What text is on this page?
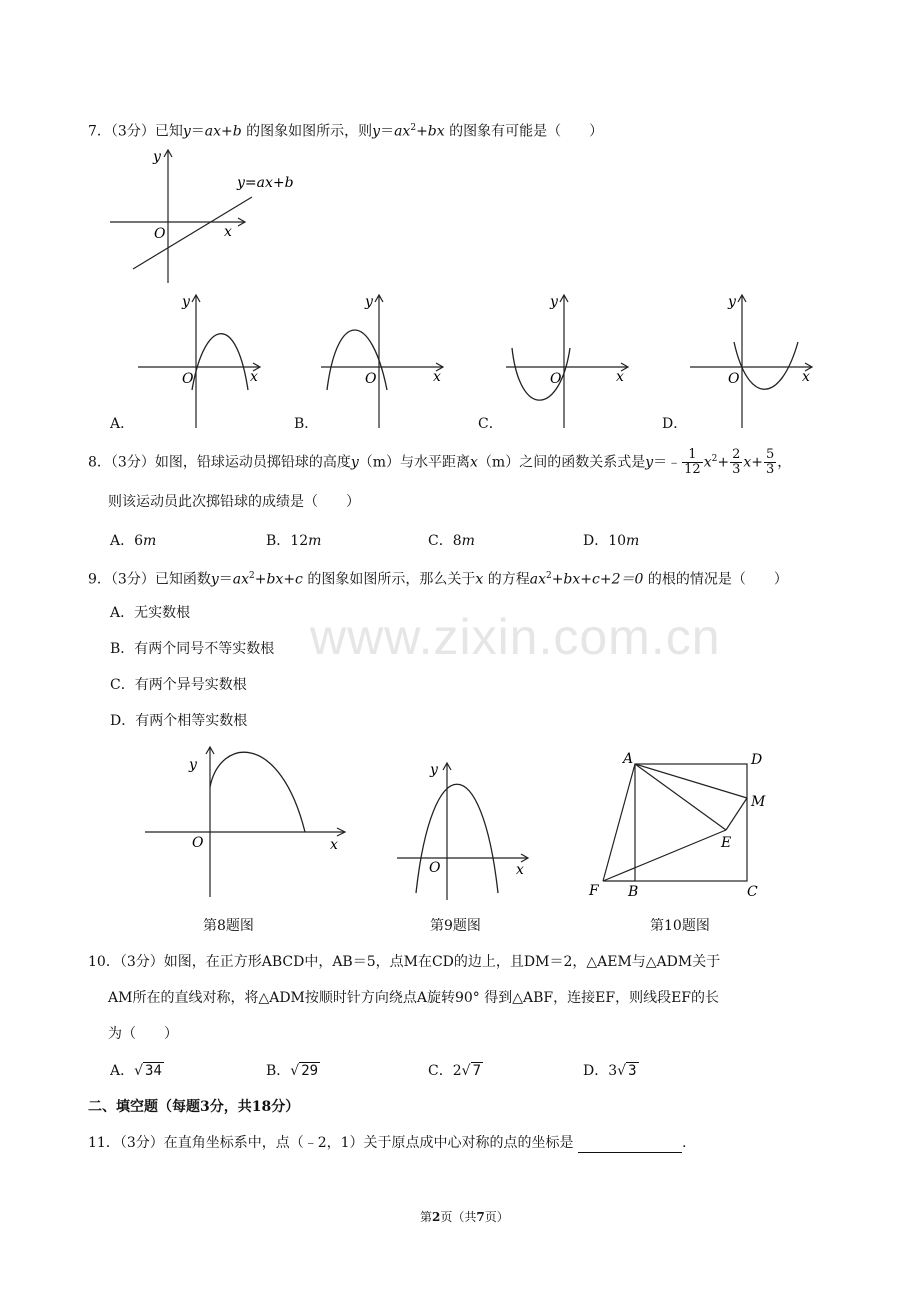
www.zixin.com.cn
7．（3分）已知y＝ax+b 的图象如图所示，则$y=ax^2+bx$ 的图象有可能是（　　）
y
x
O
y=ax+b
y
x
O
y
x
O
y
x
O
y
x
O
A．	B．	C．	D．
8．（3分）如图，铅球运动员掷铅球的高度y（m）与水平距离x（m）之间的函数关系式是y＝﹣ $\frac{1}{12} x^2+ \frac{2}{3} x+ \frac{5}{3}$ ，
则该运动员此次掷铅球的成绩是（　　）
A．6m	B．12m	C．8m	D．10m
9．（3分）已知函数$y=ax^2+bx+c$ 的图象如图所示，那么关于x 的方程$ax^2+bx+c+2=0$ 的根的情况是（　　）
A．无实数根
B．有两个同号不等实数根
C．有两个异号实数根
D．有两个相等实数根
y
x
O
y
x
O
A	D
M
E
F B	C
第8题图	第9题图	第10题图
10．（3分）如图，在正方形ABCD中，AB＝5，点M在CD的边上，且DM＝2，△AEM与△ADM关于
AM所在的直线对称，将△ADM按顺时针方向绕点A旋转90° 得到△ABF，连接EF，则线段EF的长
为（　　）
A．√ 34	B．√ 29	C．2√ 7	D．3√ 3
二、填空题（每题3分，共18分）
11．（3分）在直角坐标系中，点（﹣2，1）关于原点成中心对称的点的坐标是	.
第2页（共7页）
